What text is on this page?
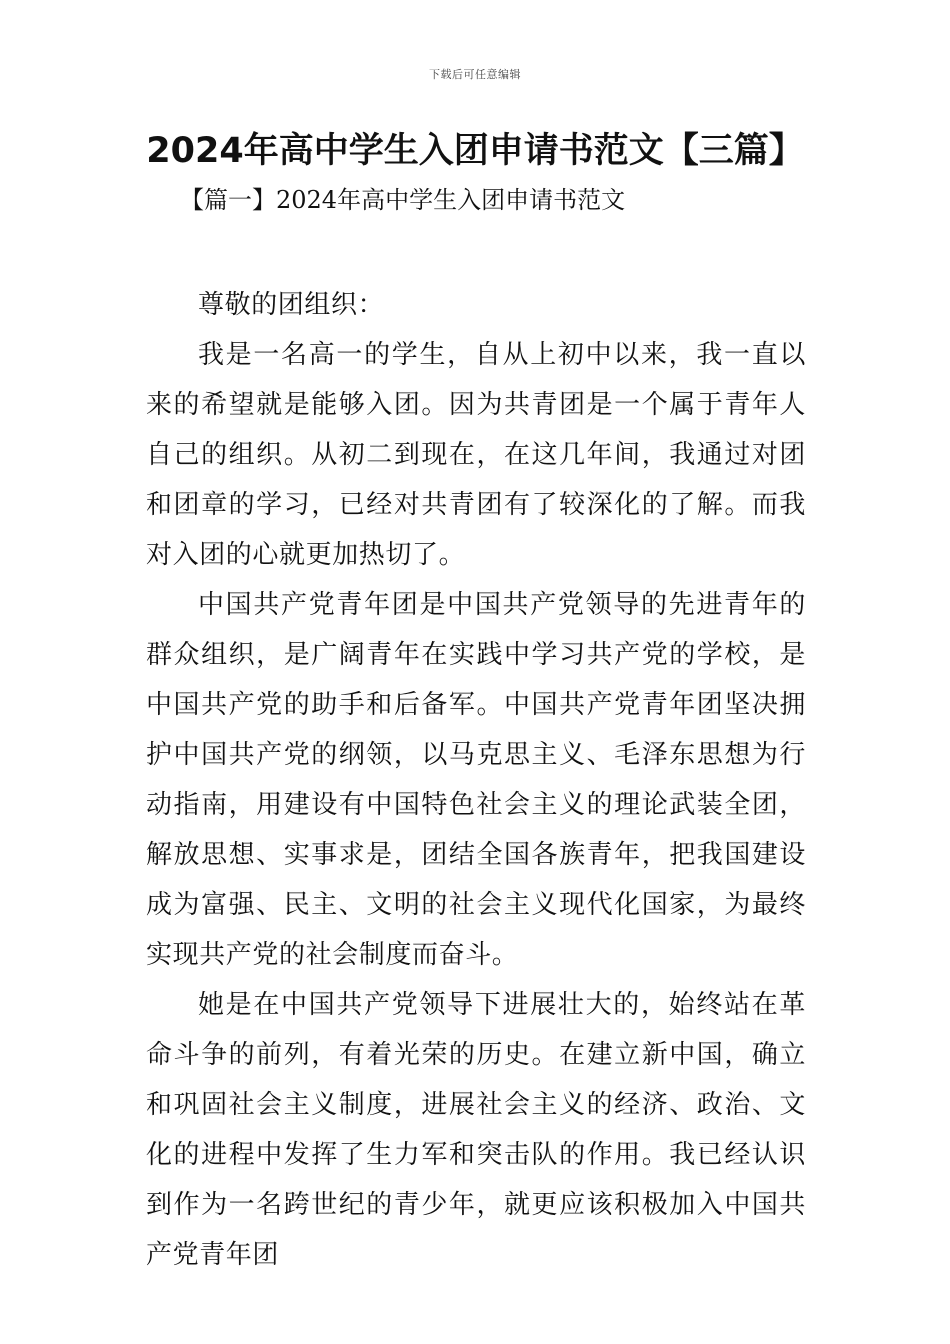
下载后可任意编辑
2024年高中学生入团申请书范文【三篇】
【篇一】2024年高中学生入团申请书范文

尊敬的团组织：

我是一名高一的学生，自从上初中以来，我一直以来的希望就是能够入团。因为共青团是一个属于青年人自己的组织。从初二到现在，在这几年间，我通过对团和团章的学习，已经对共青团有了较深化的了解。而我对入团的心就更加热切了。

中国共产党青年团是中国共产党领导的先进青年的群众组织，是广阔青年在实践中学习共产党的学校，是中国共产党的助手和后备军。中国共产党青年团坚决拥护中国共产党的纲领，以马克思主义、毛泽东思想为行动指南，用建设有中国特色社会主义的理论武装全团，解放思想、实事求是，团结全国各族青年，把我国建设成为富强、民主、文明的社会主义现代化国家，为最终实现共产党的社会制度而奋斗。

她是在中国共产党领导下进展壮大的，始终站在革命斗争的前列，有着光荣的历史。在建立新中国，确立和巩固社会主义制度，进展社会主义的经济、政治、文化的进程中发挥了生力军和突击队的作用。我已经认识到作为一名跨世纪的青少年，就更应该积极加入中国共产党青年团
